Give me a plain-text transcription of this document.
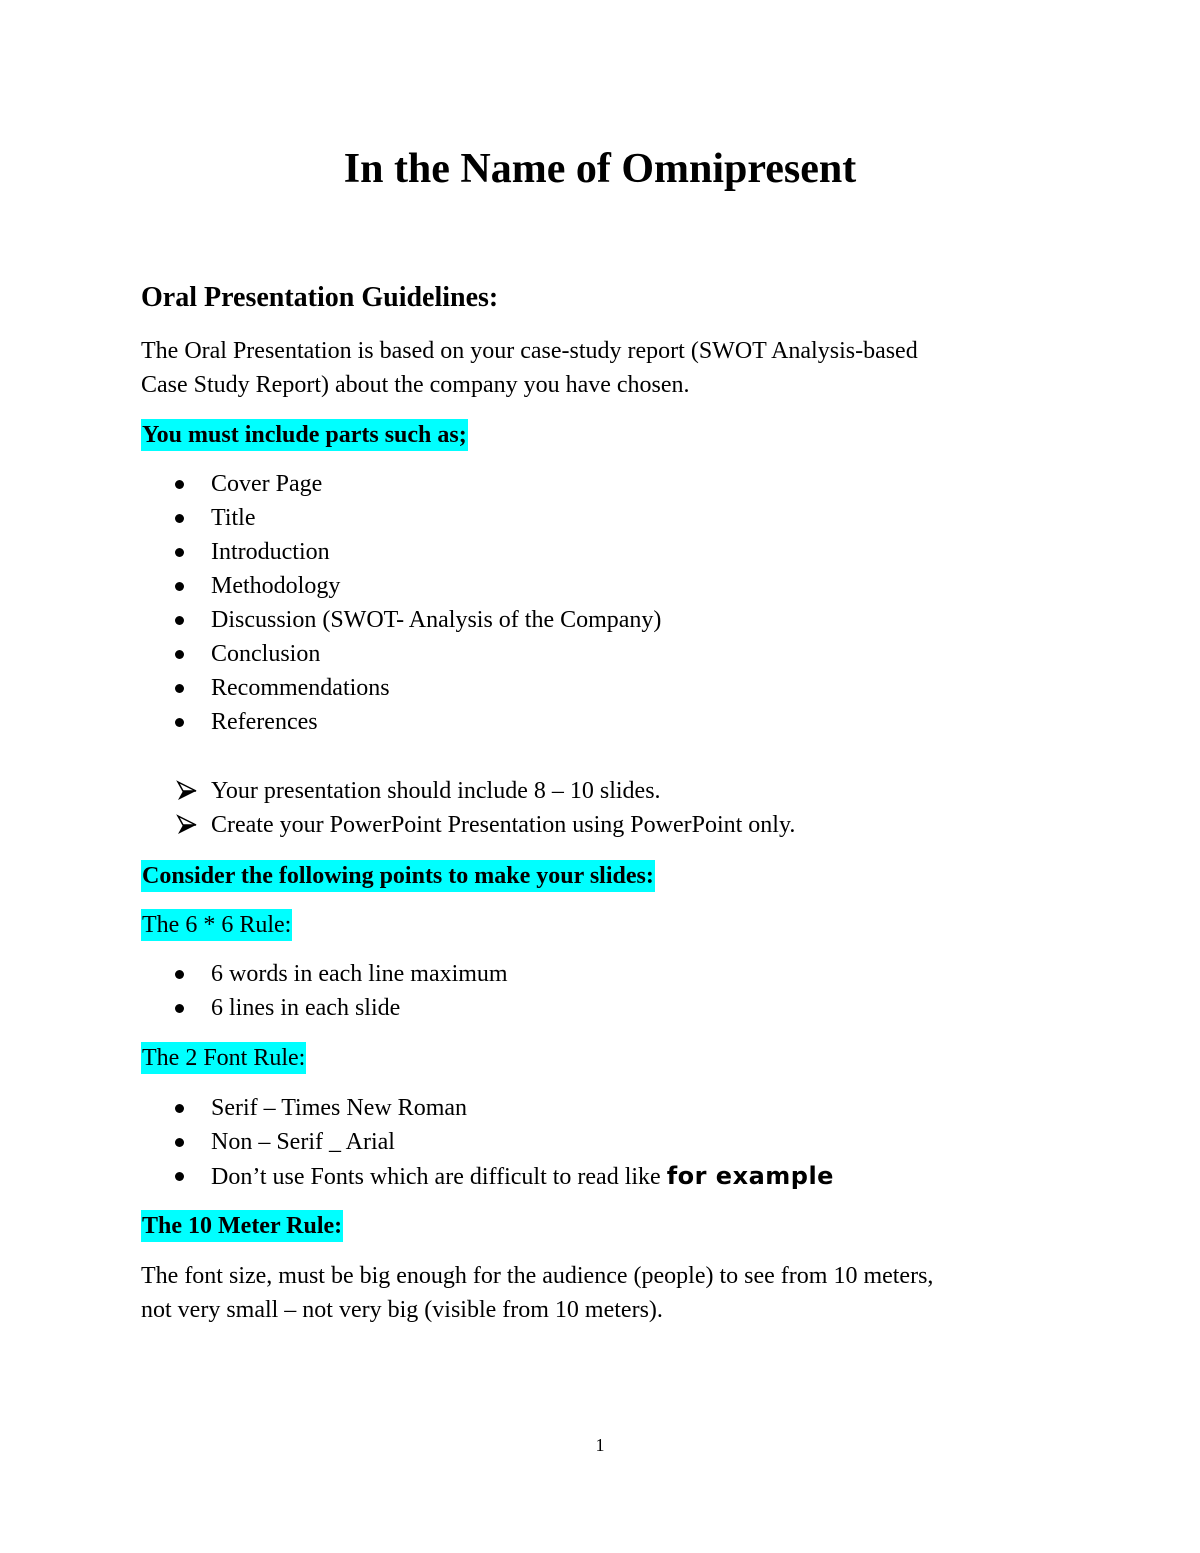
In the Name of Omnipresent
Oral Presentation Guidelines:
The Oral Presentation is based on your case-study report (SWOT Analysis-based
Case Study Report) about the company you have chosen.
You must include parts such as;
Cover Page
Title
Introduction
Methodology
Discussion (SWOT- Analysis of the Company)
Conclusion
Recommendations
References
Your presentation should include 8 – 10 slides.
Create your PowerPoint Presentation using PowerPoint only.
Consider the following points to make your slides:
The 6 * 6 Rule:
6 words in each line maximum
6 lines in each slide
The 2 Font Rule:
Serif – Times New Roman
Non – Serif _ Arial
Don’t use Fonts which are difficult to read like for example
The 10 Meter Rule:
The font size, must be big enough for the audience (people) to see from 10 meters,
not very small – not very big (visible from 10 meters).
1
